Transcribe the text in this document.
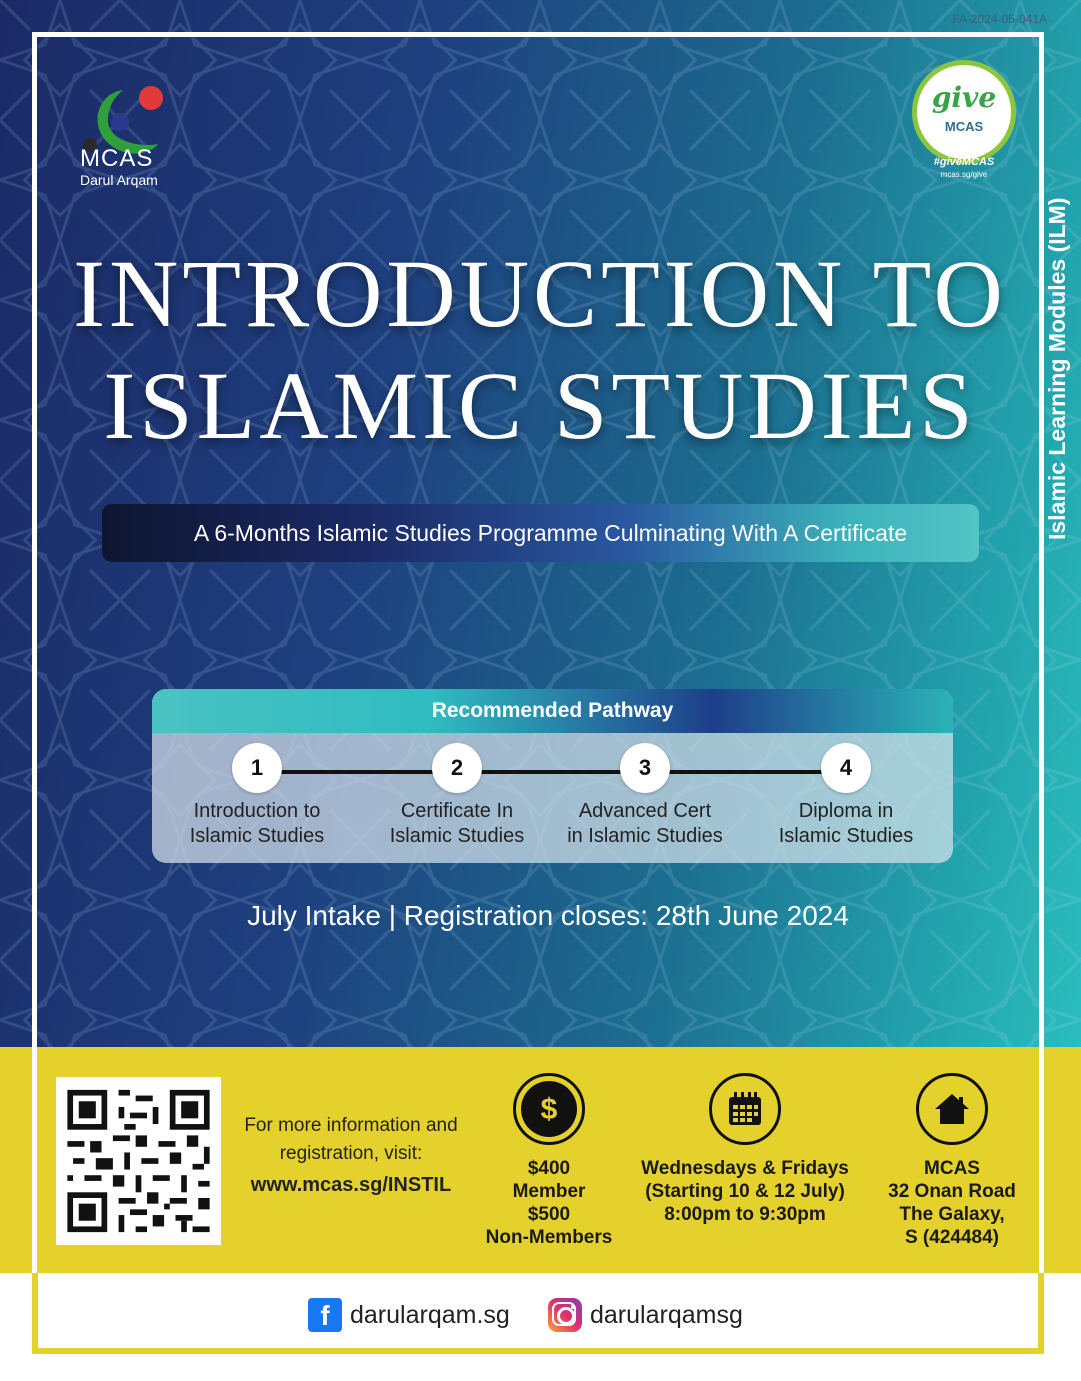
FA-2024-05-041A
MCAS
Darul Arqam
give
MCAS
#giveMCAS
mcas.sg/give
Islamic Learning Modules (ILM)
INTRODUCTION TO
ISLAMIC STUDIES
A 6-Months Islamic Studies Programme Culminating With A Certificate
Recommended Pathway
1
Introduction to
Islamic Studies
2
Certificate In
Islamic Studies
3
Advanced Cert
in Islamic Studies
4
Diploma in
Islamic Studies
July Intake | Registration closes: 28th June 2024
For more information and
registration, visit:
www.mcas.sg/INSTIL
$
$400
Member
$500
Non-Members
Wednesdays & Fridays
(Starting 10 & 12 July)
8:00pm to 9:30pm
MCAS
32 Onan Road
The Galaxy,
S (424484)
f darularqam.sg	darularqamsg
